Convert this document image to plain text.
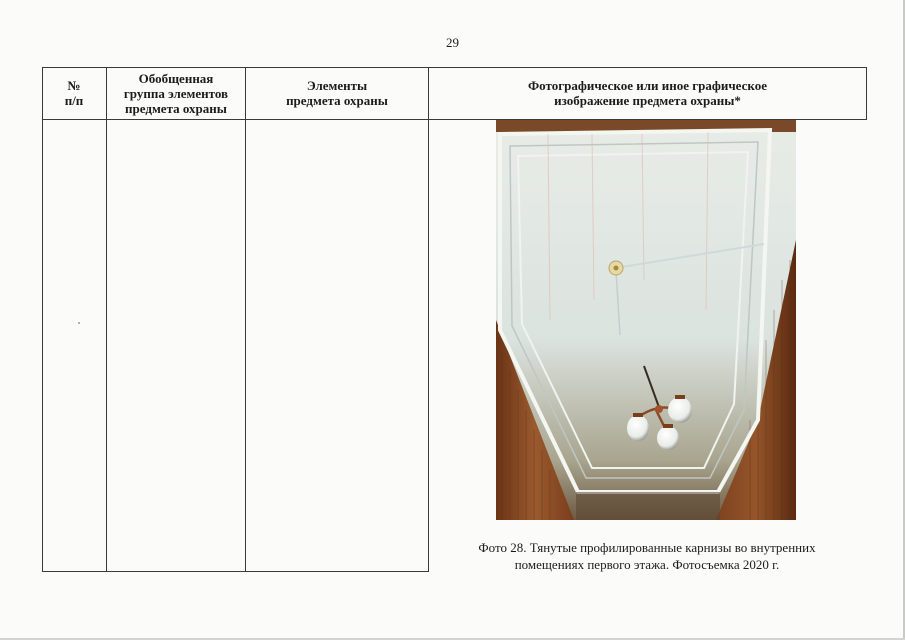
29
№
п/п
Обобщенная
группа элементов
предмета охраны
Элементы
предмета охраны
Фотографическое или иное графическое
изображение предмета охраны*
Фото 28. Тянутые профилированные карнизы во внутренних
помещениях первого этажа. Фотосъемка 2020 г.
